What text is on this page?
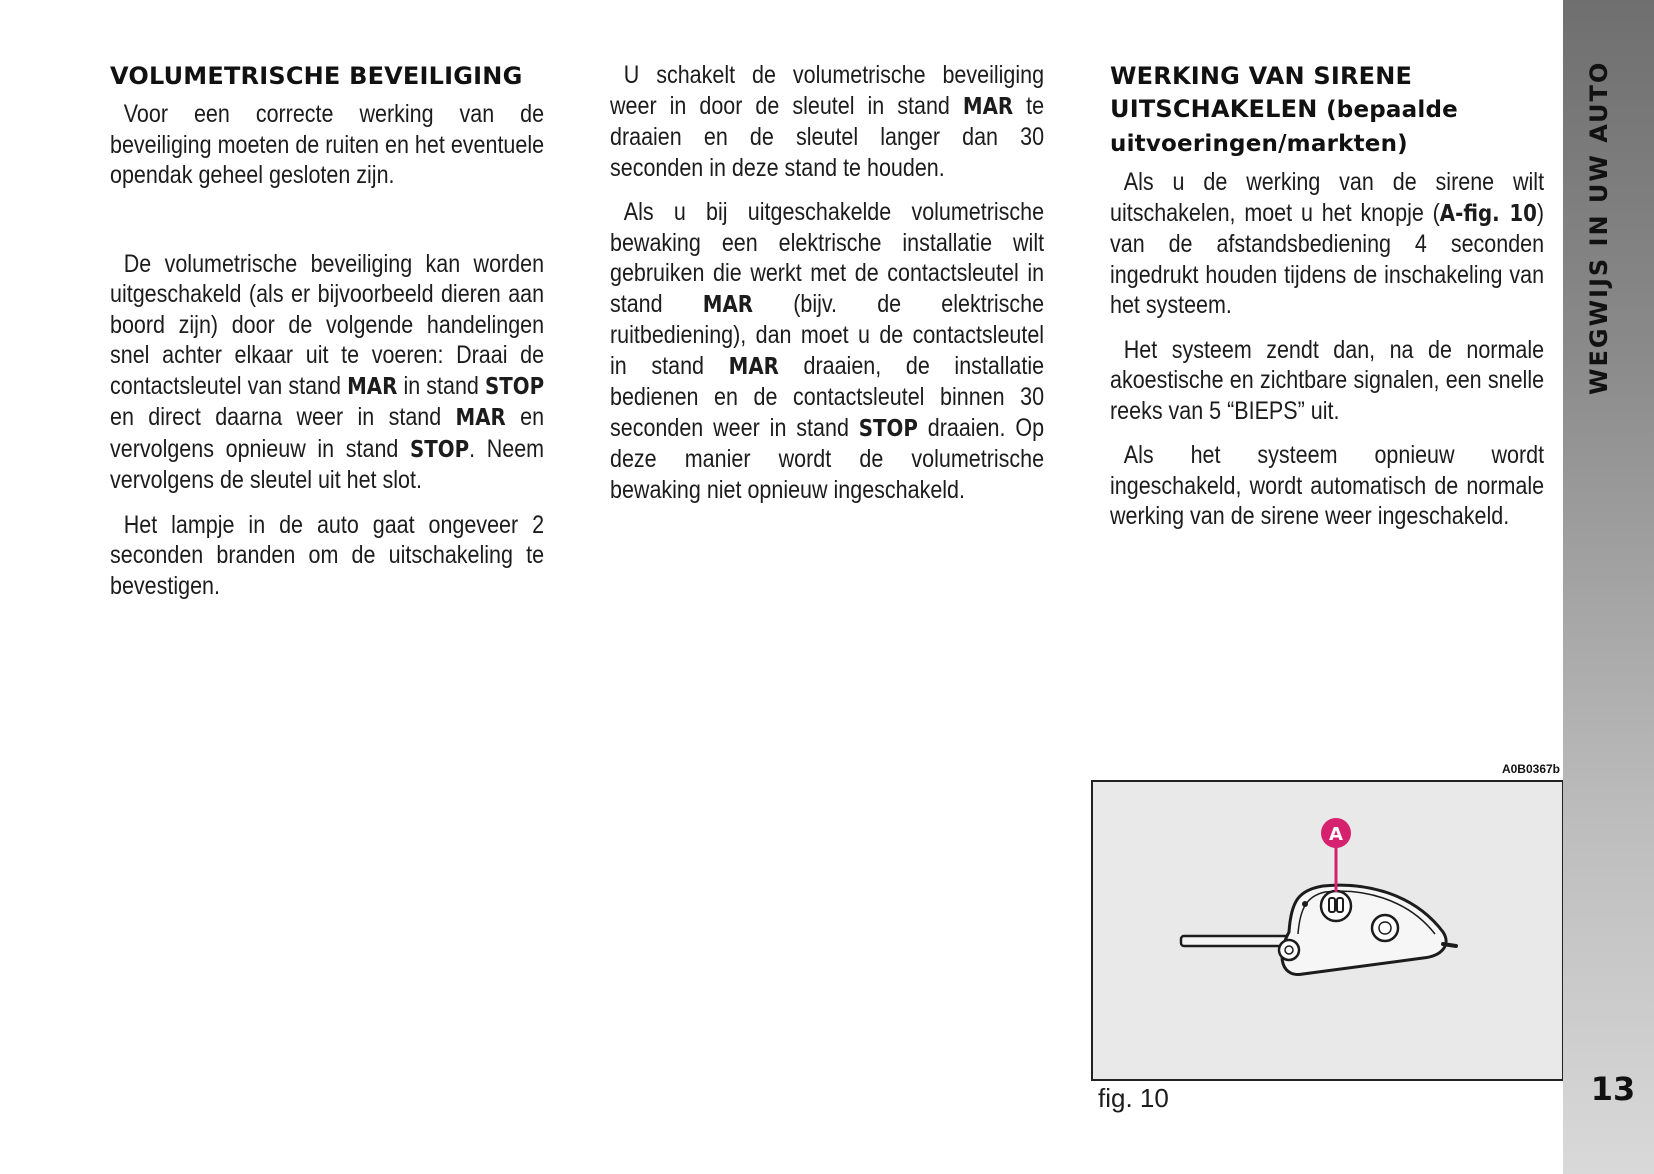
VOLUMETRISCHE BEVEILIGING

Voor een correcte werking van de beveiliging moeten de ruiten en het eventuele opendak geheel gesloten zijn.

De volumetrische beveiliging kan worden uitgeschakeld (als er bijvoorbeeld dieren aan boord zijn) door de volgende handelingen snel achter elkaar uit te voeren: Draai de contactsleutel van stand MAR in stand STOP en direct daarna weer in stand MAR en vervolgens opnieuw in stand STOP. Neem vervolgens de sleutel uit het slot.

Het lampje in de auto gaat ongeveer 2 seconden branden om de uitschakeling te bevestigen.

U schakelt de volumetrische beveiliging weer in door de sleutel in stand MAR te draaien en de sleutel langer dan 30 seconden in deze stand te houden.

Als u bij uitgeschakelde volumetrische bewaking een elektrische installatie wilt gebruiken die werkt met de contactsleutel in stand MAR (bijv. de elektrische ruitbediening), dan moet u de contactsleutel in stand MAR draaien, de installatie bedienen en de contactsleutel binnen 30 seconden weer in stand STOP draaien. Op deze manier wordt de volumetrische bewaking niet opnieuw ingeschakeld.

WERKING VAN SIRENE UITSCHAKELEN (bepaalde uitvoeringen/markten)

Als u de werking van de sirene wilt uitschakelen, moet u het knopje (A-fig. 10) van de afstandsbediening 4 seconden ingedrukt houden tijdens de inschakeling van het systeem.

Het systeem zendt dan, na de normale akoestische en zichtbare signalen, een snelle reeks van 5 “BIEPS” uit.

Als het systeem opnieuw wordt ingeschakeld, wordt automatisch de normale werking van de sirene weer ingeschakeld.

A0B0367b
A
fig. 10
WEGWIJS IN UW AUTO
13
